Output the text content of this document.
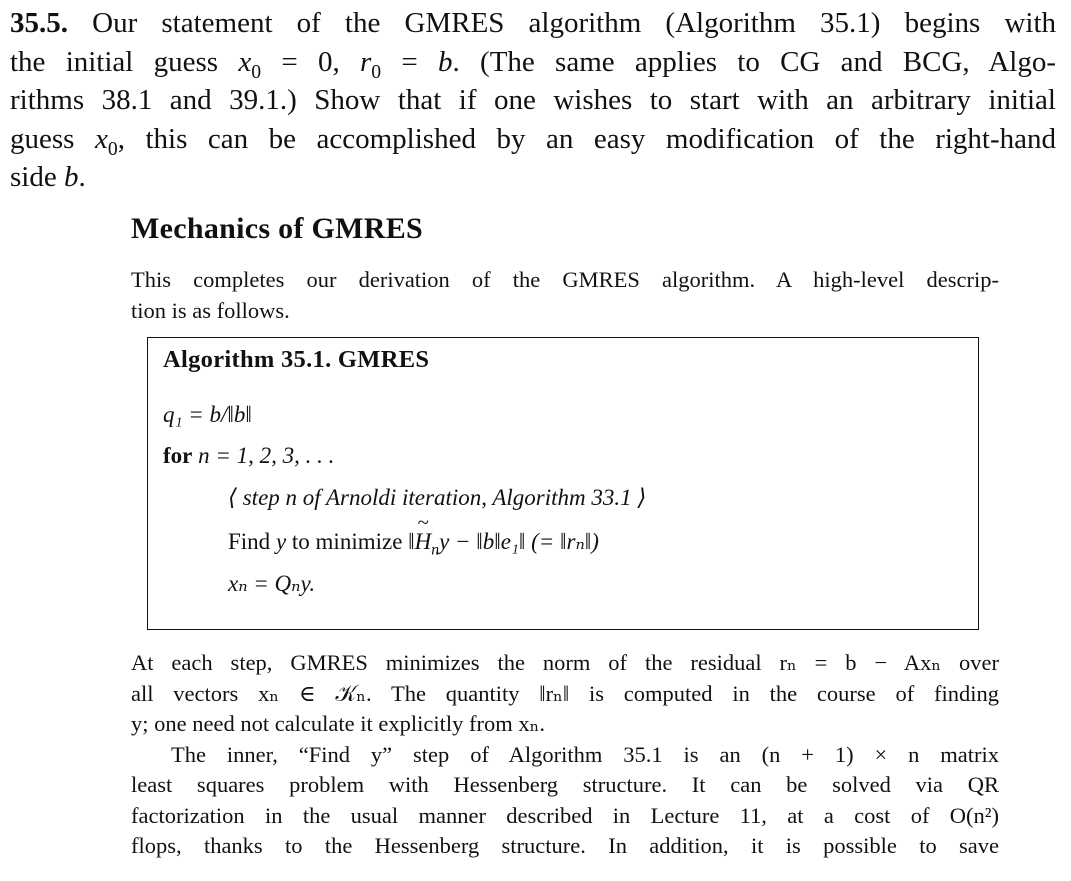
35.5. Our statement of the GMRES algorithm (Algorithm 35.1) begins with
the initial guess $x_0 = 0$, $r_0 = b$. (The same applies to CG and BCG, Algo-
rithms 38.1 and 39.1.) Show that if one wishes to start with an arbitrary initial
guess $x_0$, this can be accomplished by an easy modification of the right-hand
side b.
Mechanics of GMRES
This completes our derivation of the GMRES algorithm. A high-level descrip-
tion is as follows.
Algorithm 35.1. GMRES
q₁ = b/‖b‖
for n = 1, 2, 3, . . .
⟨ step n of Arnoldi iteration, Algorithm 33.1 ⟩
Find y to minimize ‖~ $H_ny$ − ‖b‖e₁‖ (= ‖rₙ‖)
xₙ = Qₙy.
At each step, GMRES minimizes the norm of the residual rₙ = b − Axₙ over
all vectors xₙ ∈ 𝒦ₙ. The quantity ‖rₙ‖ is computed in the course of finding
y; one need not calculate it explicitly from xₙ.
The inner, “Find y” step of Algorithm 35.1 is an (n + 1) × n matrix
least squares problem with Hessenberg structure. It can be solved via QR
factorization in the usual manner described in Lecture 11, at a cost of O(n²)
flops, thanks to the Hessenberg structure. In addition, it is possible to save
